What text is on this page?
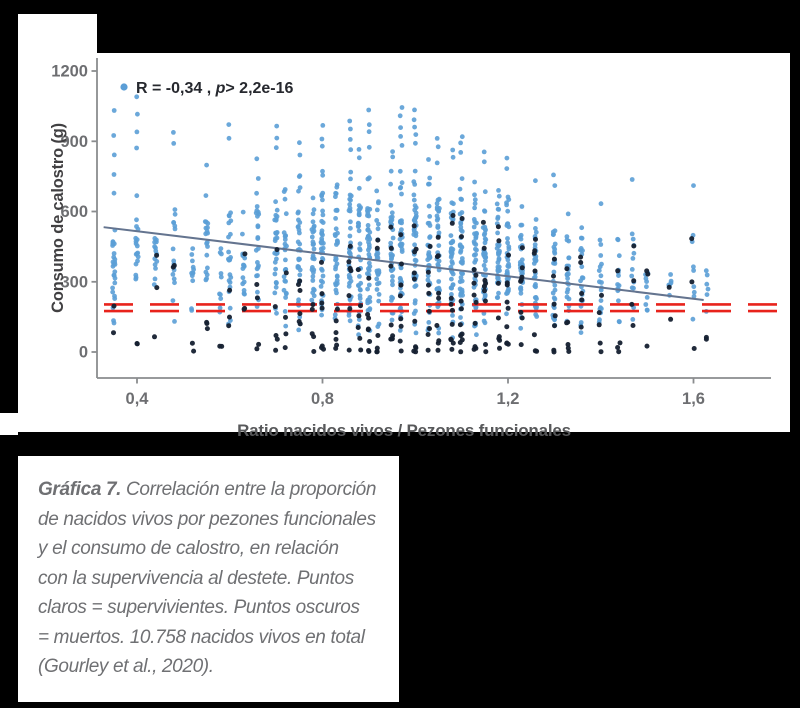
1200
900
600
300
0
0,4	0,8	1,2	1,6
Consumo de calostro (g)
R = -0,34 , p> 2,2e-16
Ratio nacidos vivos / Pezones funcionales
Gráfica 7. Correlación entre la proporción
de nacidos vivos por pezones funcionales
y el consumo de calostro, en relación
con la supervivencia al destete. Puntos
claros = supervivientes. Puntos oscuros
= muertos. 10.758 nacidos vivos en total
(Gourley et al., 2020).
